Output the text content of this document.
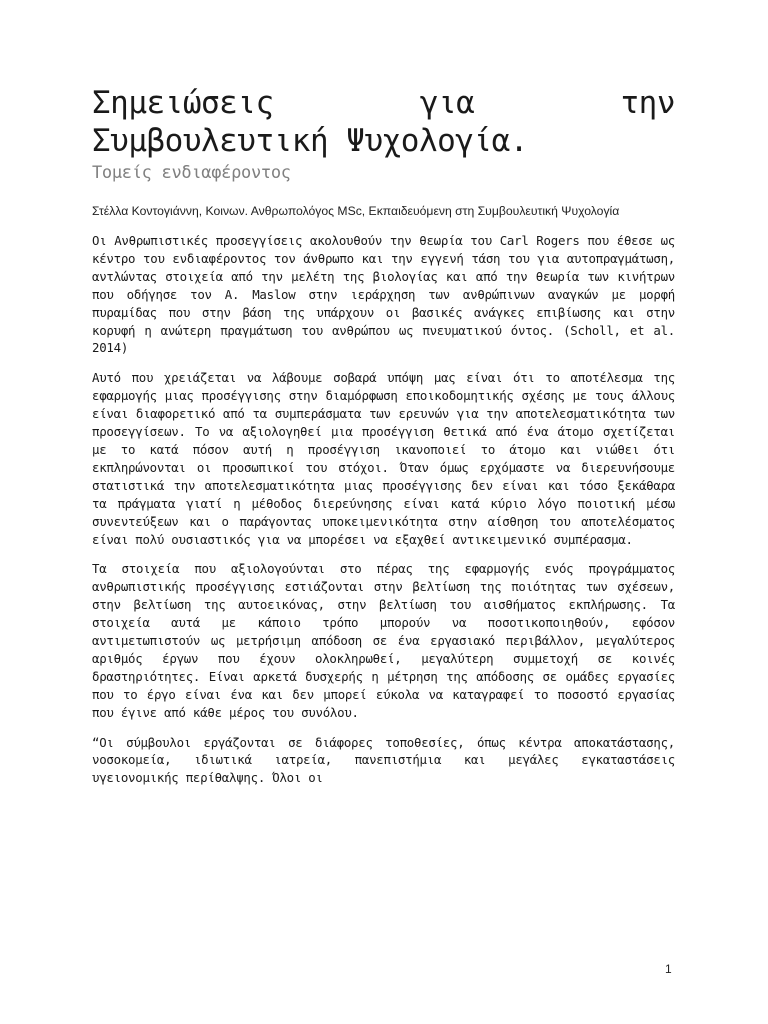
Σημειώσεις για την
Συμβουλευτική Ψυχολογία.
Τομείς ενδιαφέροντος
Στέλλα Κοντογιάννη, Κοινων. Ανθρωπολόγος MSc, Εκπαιδευόμενη στη Συμβουλευτική Ψυχολογία

Οι Ανθρωπιστικές προσεγγίσεις ακολουθούν την θεωρία του Carl Rogers που έθεσε ως κέντρο του ενδιαφέροντος τον άνθρωπο και την εγγενή τάση του για αυτοπραγμάτωση, αντλώντας στοιχεία από την μελέτη της βιολογίας και από την θεωρία των κινήτρων που οδήγησε τον A. Maslow στην ιεράρχηση των ανθρώπινων αναγκών με μορφή πυραμίδας που στην βάση της υπάρχουν οι βασικές ανάγκες επιβίωσης και στην κορυφή η ανώτερη πραγμάτωση του ανθρώπου ως πνευματικού όντος. (Scholl, et al. 2014)

Αυτό που χρειάζεται να λάβουμε σοβαρά υπόψη μας είναι ότι το αποτέλεσμα της εφαρμογής μιας προσέγγισης στην διαμόρφωση εποικοδομητικής σχέσης με τους άλλους είναι διαφορετικό από τα συμπεράσματα των ερευνών για την αποτελεσματικότητα των προσεγγίσεων. Το να αξιολογηθεί μια προσέγγιση θετικά από ένα άτομο σχετίζεται με το κατά πόσον αυτή η προσέγγιση ικανοποιεί το άτομο και νιώθει ότι εκπληρώνονται οι προσωπικοί του στόχοι. Όταν όμως ερχόμαστε να διερευνήσουμε στατιστικά την αποτελεσματικότητα μιας προσέγγισης δεν είναι και τόσο ξεκάθαρα τα πράγματα γιατί η μέθοδος διερεύνησης είναι κατά κύριο λόγο ποιοτική μέσω συνεντεύξεων και ο παράγοντας υποκειμενικότητα στην αίσθηση του αποτελέσματος είναι πολύ ουσιαστικός για να μπορέσει να εξαχθεί αντικειμενικό συμπέρασμα.

Τα στοιχεία που αξιολογούνται στο πέρας της εφαρμογής ενός προγράμματος ανθρωπιστικής προσέγγισης εστιάζονται στην βελτίωση της ποιότητας των σχέσεων, στην βελτίωση της αυτοεικόνας, στην βελτίωση του αισθήματος εκπλήρωσης. Τα στοιχεία αυτά με κάποιο τρόπο μπορούν να ποσοτικοποιηθούν, εφόσον αντιμετωπιστούν ως μετρήσιμη απόδοση σε ένα εργασιακό περιβάλλον, μεγαλύτερος αριθμός έργων που έχουν ολοκληρωθεί, μεγαλύτερη συμμετοχή σε κοινές δραστηριότητες. Είναι αρκετά δυσχερής η μέτρηση της απόδοσης σε ομάδες εργασίες που το έργο είναι ένα και δεν μπορεί εύκολα να καταγραφεί το ποσοστό εργασίας που έγινε από κάθε μέρος του συνόλου.

“Οι σύμβουλοι εργάζονται σε διάφορες τοποθεσίες, όπως κέντρα αποκατάστασης, νοσοκομεία, ιδιωτικά ιατρεία, πανεπιστήμια και μεγάλες εγκαταστάσεις υγειονομικής περίθαλψης. Όλοι οι

1
